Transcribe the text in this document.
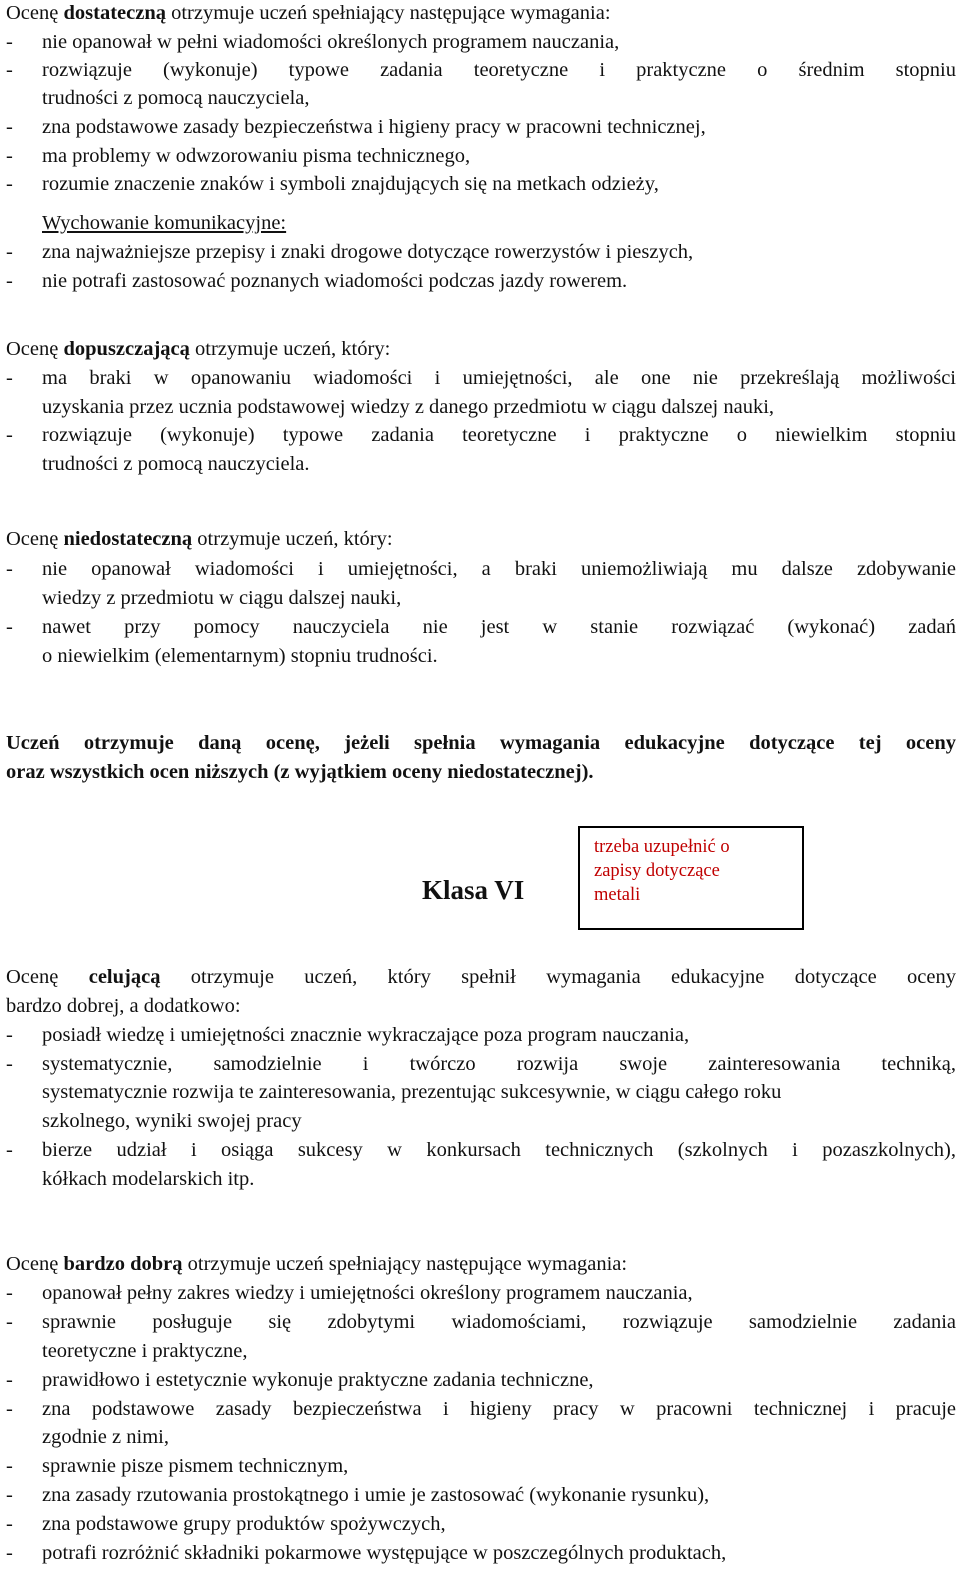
Ocenę dostateczną otrzymuje uczeń spełniający następujące wymagania:
-	nie opanował w pełni wiadomości określonych programem nauczania,
-	rozwiązuje (wykonuje) typowe zadania teoretyczne i praktyczne o średnim stopniu
trudności z pomocą nauczyciela,
-	zna podstawowe zasady bezpieczeństwa i higieny pracy w pracowni technicznej,
-	ma problemy w odwzorowaniu pisma technicznego,
-	rozumie znaczenie znaków i symboli znajdujących się na metkach odzieży,
Wychowanie komunikacyjne:
-	zna najważniejsze przepisy i znaki drogowe dotyczące rowerzystów i pieszych,
-	nie potrafi zastosować poznanych wiadomości podczas jazdy rowerem.
Ocenę dopuszczającą otrzymuje uczeń, który:
-	ma braki w opanowaniu wiadomości i umiejętności, ale one nie przekreślają możliwości
uzyskania przez ucznia podstawowej wiedzy z danego przedmiotu w ciągu dalszej nauki,
-	rozwiązuje (wykonuje) typowe zadania teoretyczne i praktyczne o niewielkim stopniu
trudności z pomocą nauczyciela.
Ocenę niedostateczną otrzymuje uczeń, który:
-	nie opanował wiadomości i umiejętności, a braki uniemożliwiają mu dalsze zdobywanie
wiedzy z przedmiotu w ciągu dalszej nauki,
-	nawet przy pomocy nauczyciela nie jest w stanie rozwiązać (wykonać) zadań
o niewielkim (elementarnym) stopniu trudności.
Uczeń otrzymuje daną ocenę, jeżeli spełnia wymagania edukacyjne dotyczące tej oceny
oraz wszystkich ocen niższych (z wyjątkiem oceny niedostatecznej).
Klasa VI
trzeba uzupełnić o
zapisy dotyczące
metali
Ocenę celującą otrzymuje uczeń, który spełnił wymagania edukacyjne dotyczące oceny
bardzo dobrej, a dodatkowo:
-	posiadł wiedzę i umiejętności znacznie wykraczające poza program nauczania,
-	systematycznie, samodzielnie i twórczo rozwija swoje zainteresowania techniką,
systematycznie rozwija te zainteresowania, prezentując sukcesywnie, w ciągu całego roku
szkolnego, wyniki swojej pracy
-	bierze udział i osiąga sukcesy w konkursach technicznych (szkolnych i pozaszkolnych),
kółkach modelarskich itp.
Ocenę bardzo dobrą otrzymuje uczeń spełniający następujące wymagania:
-	opanował pełny zakres wiedzy i umiejętności określony programem nauczania,
-	sprawnie posługuje się zdobytymi wiadomościami, rozwiązuje samodzielnie zadania
teoretyczne i praktyczne,
-	prawidłowo i estetycznie wykonuje praktyczne zadania techniczne,
-	zna podstawowe zasady bezpieczeństwa i higieny pracy w pracowni technicznej i pracuje
zgodnie z nimi,
-	sprawnie pisze pismem technicznym,
-	zna zasady rzutowania prostokątnego i umie je zastosować (wykonanie rysunku),
-	zna podstawowe grupy produktów spożywczych,
-	potrafi rozróżnić składniki pokarmowe występujące w poszczególnych produktach,
